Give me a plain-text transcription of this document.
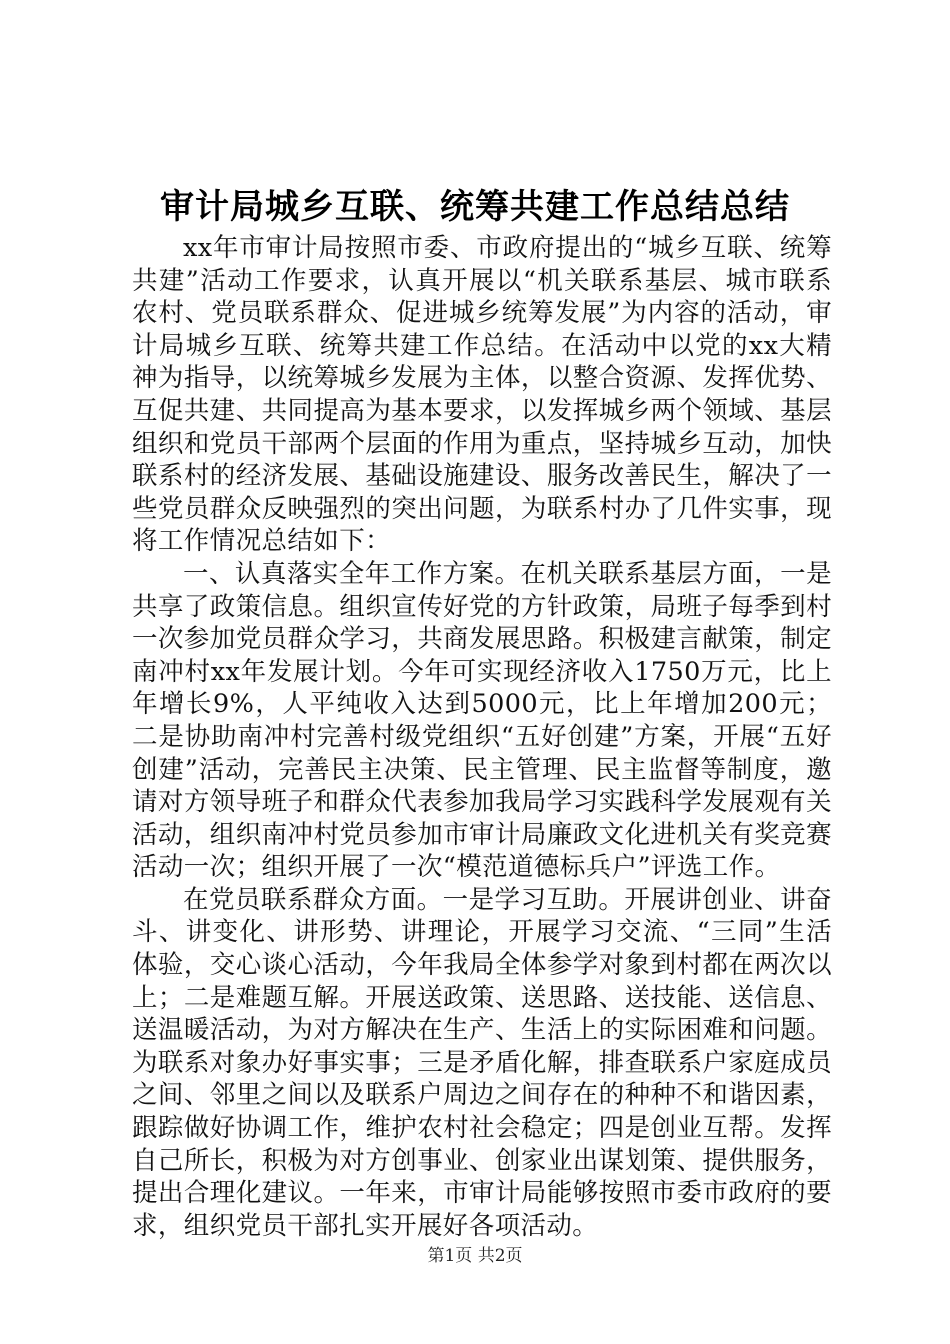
审计局城乡互联、统筹共建工作总结总结

xx年市审计局按照市委、市政府提出的“城乡互联、统筹共建”活动工作要求，认真开展以“机关联系基层、城市联系农村、党员联系群众、促进城乡统筹发展”为内容的活动，审计局城乡互联、统筹共建工作总结。在活动中以党的xx大精神为指导，以统筹城乡发展为主体，以整合资源、发挥优势、互促共建、共同提高为基本要求，以发挥城乡两个领域、基层组织和党员干部两个层面的作用为重点，坚持城乡互动，加快联系村的经济发展、基础设施建设、服务改善民生，解决了一些党员群众反映强烈的突出问题，为联系村办了几件实事，现将工作情况总结如下：

一、认真落实全年工作方案。在机关联系基层方面，一是共享了政策信息。组织宣传好党的方针政策，局班子每季到村一次参加党员群众学习，共商发展思路。积极建言献策，制定南冲村xx年发展计划。今年可实现经济收入1750万元，比上年增长9%，人平纯收入达到5000元，比上年增加200元；二是协助南冲村完善村级党组织“五好创建”方案，开展“五好创建”活动，完善民主决策、民主管理、民主监督等制度，邀请对方领导班子和群众代表参加我局学习实践科学发展观有关活动，组织南冲村党员参加市审计局廉政文化进机关有奖竞赛活动一次；组织开展了一次“模范道德标兵户”评选工作。

在党员联系群众方面。一是学习互助。开展讲创业、讲奋斗、讲变化、讲形势、讲理论，开展学习交流、“三同”生活体验，交心谈心活动，今年我局全体参学对象到村都在两次以上；二是难题互解。开展送政策、送思路、送技能、送信息、送温暖活动，为对方解决在生产、生活上的实际困难和问题。为联系对象办好事实事；三是矛盾化解，排查联系户家庭成员之间、邻里之间以及联系户周边之间存在的种种不和谐因素，跟踪做好协调工作，维护农村社会稳定；四是创业互帮。发挥自己所长，积极为对方创事业、创家业出谋划策、提供服务，提出合理化建议。一年来，市审计局能够按照市委市政府的要求，组织党员干部扎实开展好各项活动。

第1页 共2页
